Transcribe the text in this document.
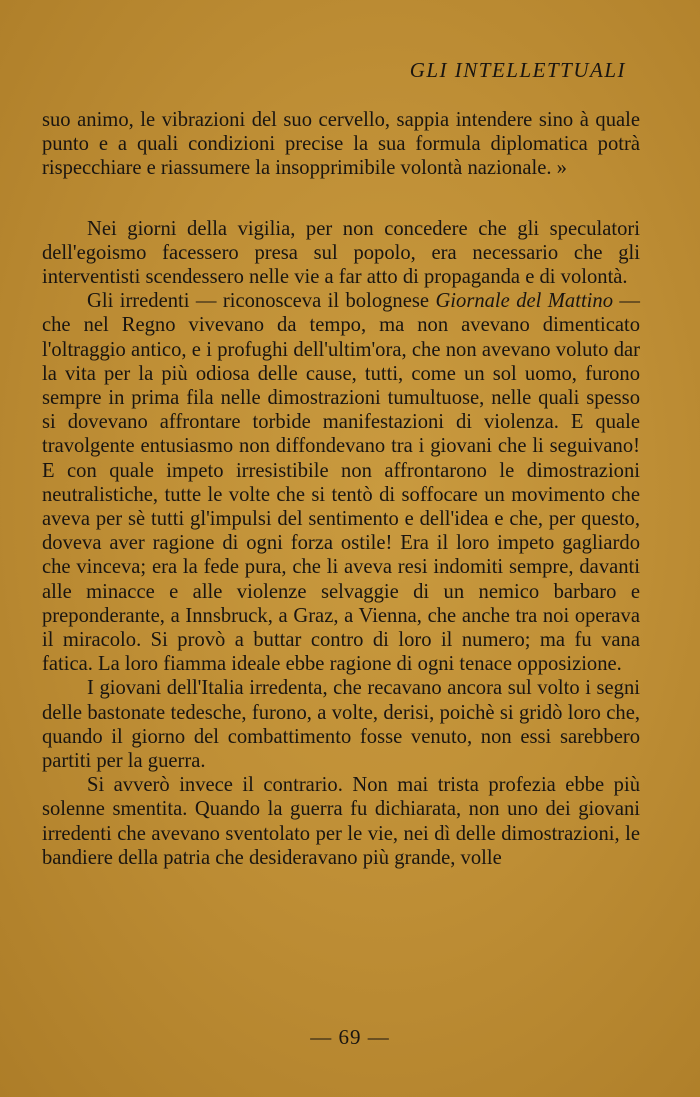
GLI INTELLETTUALI

suo animo, le vibrazioni del suo cervello, sappia intendere sino à quale punto e a quali condizioni precise la sua formula diplomatica potrà rispecchiare e riassumere la insopprimibile volontà nazionale. »

Nei giorni della vigilia, per non concedere che gli speculatori dell'egoismo facessero presa sul popolo, era necessario che gli interventisti scendessero nelle vie a far atto di propaganda e di volontà.

Gli irredenti — riconosceva il bolognese Giornale del Mattino — che nel Regno vivevano da tempo, ma non avevano dimenticato l'oltraggio antico, e i profughi dell'ultim'ora, che non avevano voluto dar la vita per la più odiosa delle cause, tutti, come un sol uomo, furono sempre in prima fila nelle dimostrazioni tumultuose, nelle quali spesso si dovevano affrontare torbide manifestazioni di violenza. E quale travolgente entusiasmo non diffondevano tra i giovani che li seguivano! E con quale impeto irresistibile non affrontarono le dimostrazioni neutralistiche, tutte le volte che si tentò di soffocare un movimento che aveva per sè tutti gl'impulsi del sentimento e dell'idea e che, per questo, doveva aver ragione di ogni forza ostile! Era il loro impeto gagliardo che vinceva; era la fede pura, che li aveva resi indomiti sempre, davanti alle minacce e alle violenze selvaggie di un nemico barbaro e preponderante, a Innsbruck, a Graz, a Vienna, che anche tra noi operava il miracolo. Si provò a buttar contro di loro il numero; ma fu vana fatica. La loro fiamma ideale ebbe ragione di ogni tenace opposizione.

I giovani dell'Italia irredenta, che recavano ancora sul volto i segni delle bastonate tedesche, furono, a volte, derisi, poichè si gridò loro che, quando il giorno del combattimento fosse venuto, non essi sarebbero partiti per la guerra.

Si avverò invece il contrario. Non mai trista profezia ebbe più solenne smentita. Quando la guerra fu dichiarata, non uno dei giovani irredenti che avevano sventolato per le vie, nei dì delle dimostrazioni, le bandiere della patria che desideravano più grande, volle

— 69 —
